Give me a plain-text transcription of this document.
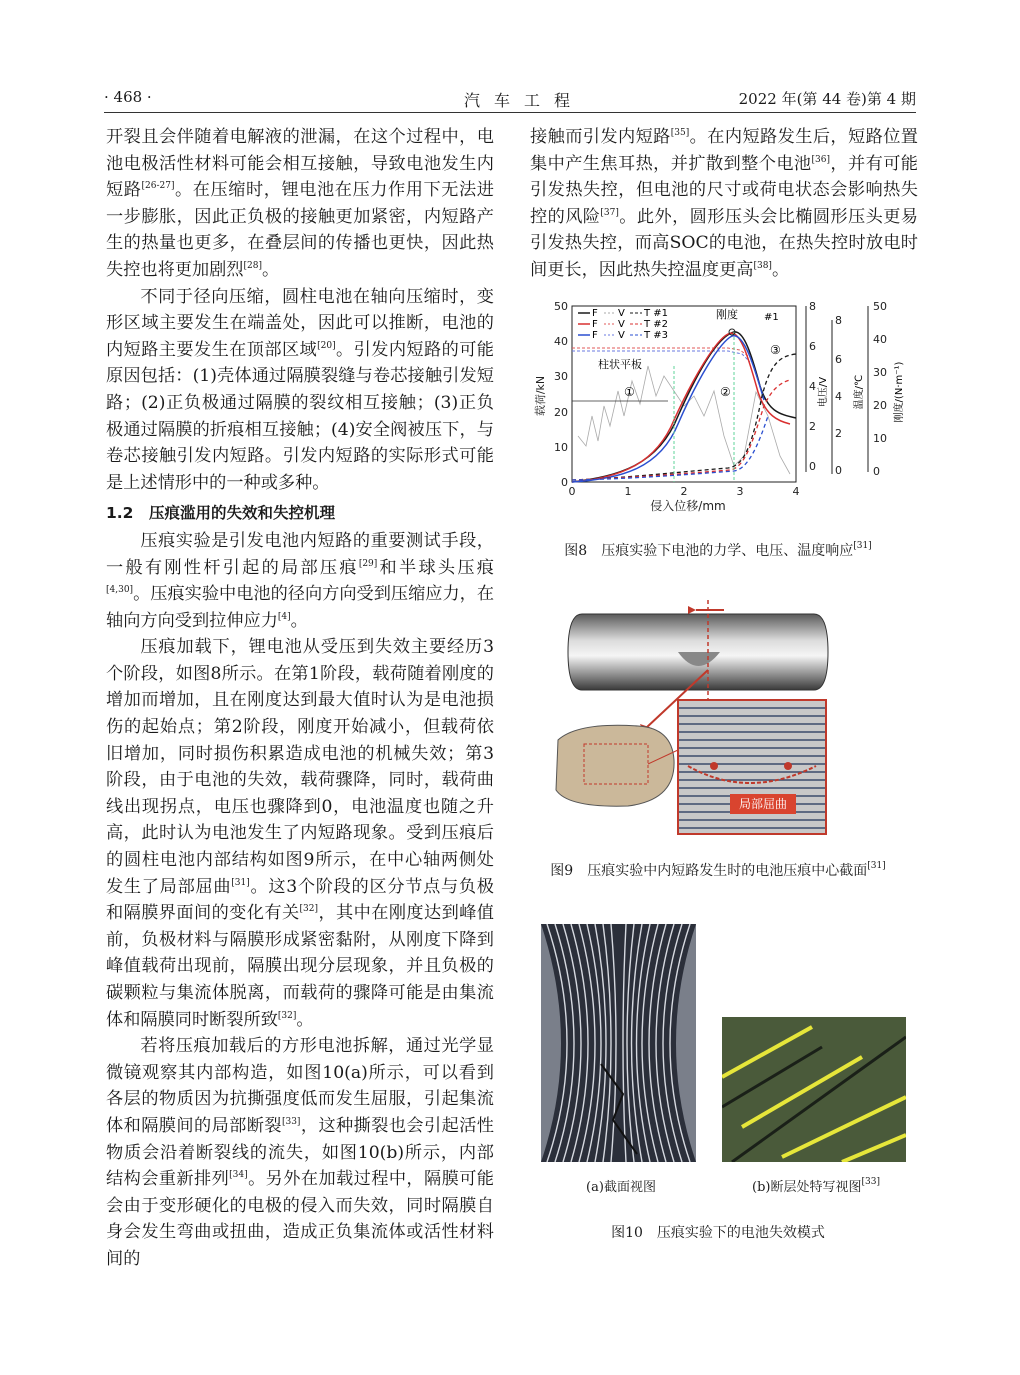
· 468 ·	汽车工程	2022 年(第 44 卷)第 4 期

开裂且会伴随着电解液的泄漏，在这个过程中，电池电极活性材料可能会相互接触，导致电池发生内短路[26-27]。在压缩时，锂电池在压力作用下无法进一步膨胀，因此正负极的接触更加紧密，内短路产生的热量也更多，在叠层间的传播也更快，因此热失控也将更加剧烈[28]。

不同于径向压缩，圆柱电池在轴向压缩时，变形区域主要发生在端盖处，因此可以推断，电池的内短路主要发生在顶部区域[20]。引发内短路的可能原因包括：(1)壳体通过隔膜裂缝与卷芯接触引发短路；(2)正负极通过隔膜的裂纹相互接触；(3)正负极通过隔膜的折痕相互接触；(4)安全阀被压下，与卷芯接触引发内短路。引发内短路的实际形式可能是上述情形中的一种或多种。

1.2　压痕滥用的失效和失控机理

压痕实验是引发电池内短路的重要测试手段，一般有刚性杆引起的局部压痕[29]和半球头压痕[4,30]。压痕实验中电池的径向方向受到压缩应力，在轴向方向受到拉伸应力[4]。

压痕加载下，锂电池从受压到失效主要经历3个阶段，如图8所示。在第1阶段，载荷随着刚度的增加而增加，且在刚度达到最大值时认为是电池损伤的起始点；第2阶段，刚度开始减小，但载荷依旧增加，同时损伤积累造成电池的机械失效；第3阶段，由于电池的失效，载荷骤降，同时，载荷曲线出现拐点，电压也骤降到0，电池温度也随之升高，此时认为电池发生了内短路现象。受到压痕后的圆柱电池内部结构如图9所示，在中心轴两侧处发生了局部屈曲[31]。这3个阶段的区分节点与负极和隔膜界面间的变化有关[32]，其中在刚度达到峰值前，负极材料与隔膜形成紧密黏附，从刚度下降到峰值载荷出现前，隔膜出现分层现象，并且负极的碳颗粒与集流体脱离，而载荷的骤降可能是由集流体和隔膜同时断裂所致[32]。

若将压痕加载后的方形电池拆解，通过光学显微镜观察其内部构造，如图10(a)所示，可以看到各层的物质因为抗撕强度低而发生屈服，引起集流体和隔膜间的局部断裂[33]，这种撕裂也会引起活性物质会沿着断裂线的流失，如图10(b)所示，内部结构会重新排列[34]。另外在加载过程中，隔膜可能会由于变形硬化的电极的侵入而失效，同时隔膜自身会发生弯曲或扭曲，造成正负集流体或活性材料间的

接触而引发内短路[35]。在内短路发生后，短路位置集中产生焦耳热，并扩散到整个电池[36]，并有可能引发热失控，但电池的尺寸或荷电状态会影响热失控的风险[37]。此外，圆形压头会比椭圆形压头更易引发热失控，而高SOC的电池，在热失控时放电时间更长，因此热失控温度更高[38]。

50
40
30
20
10
0
载荷/kN
0	1	2	3	4
侵入位移/mm
8
6
4
2
0
8
6
4
2
0
50
40
30
20
10
0
电压/V	温度/℃	刚度/(N·m⁻¹)
①	②
③
刚度	#1
柱状平板
F
F
F
V
V
V
T #1
T #2
T #3
图8　压痕实验下电池的力学、电压、温度响应[31]
局部屈曲
图9　压痕实验中内短路发生时的电池压痕中心截面[31]
(a)截面视图	(b)断层处特写视图[33]
图10　压痕实验下的电池失效模式
